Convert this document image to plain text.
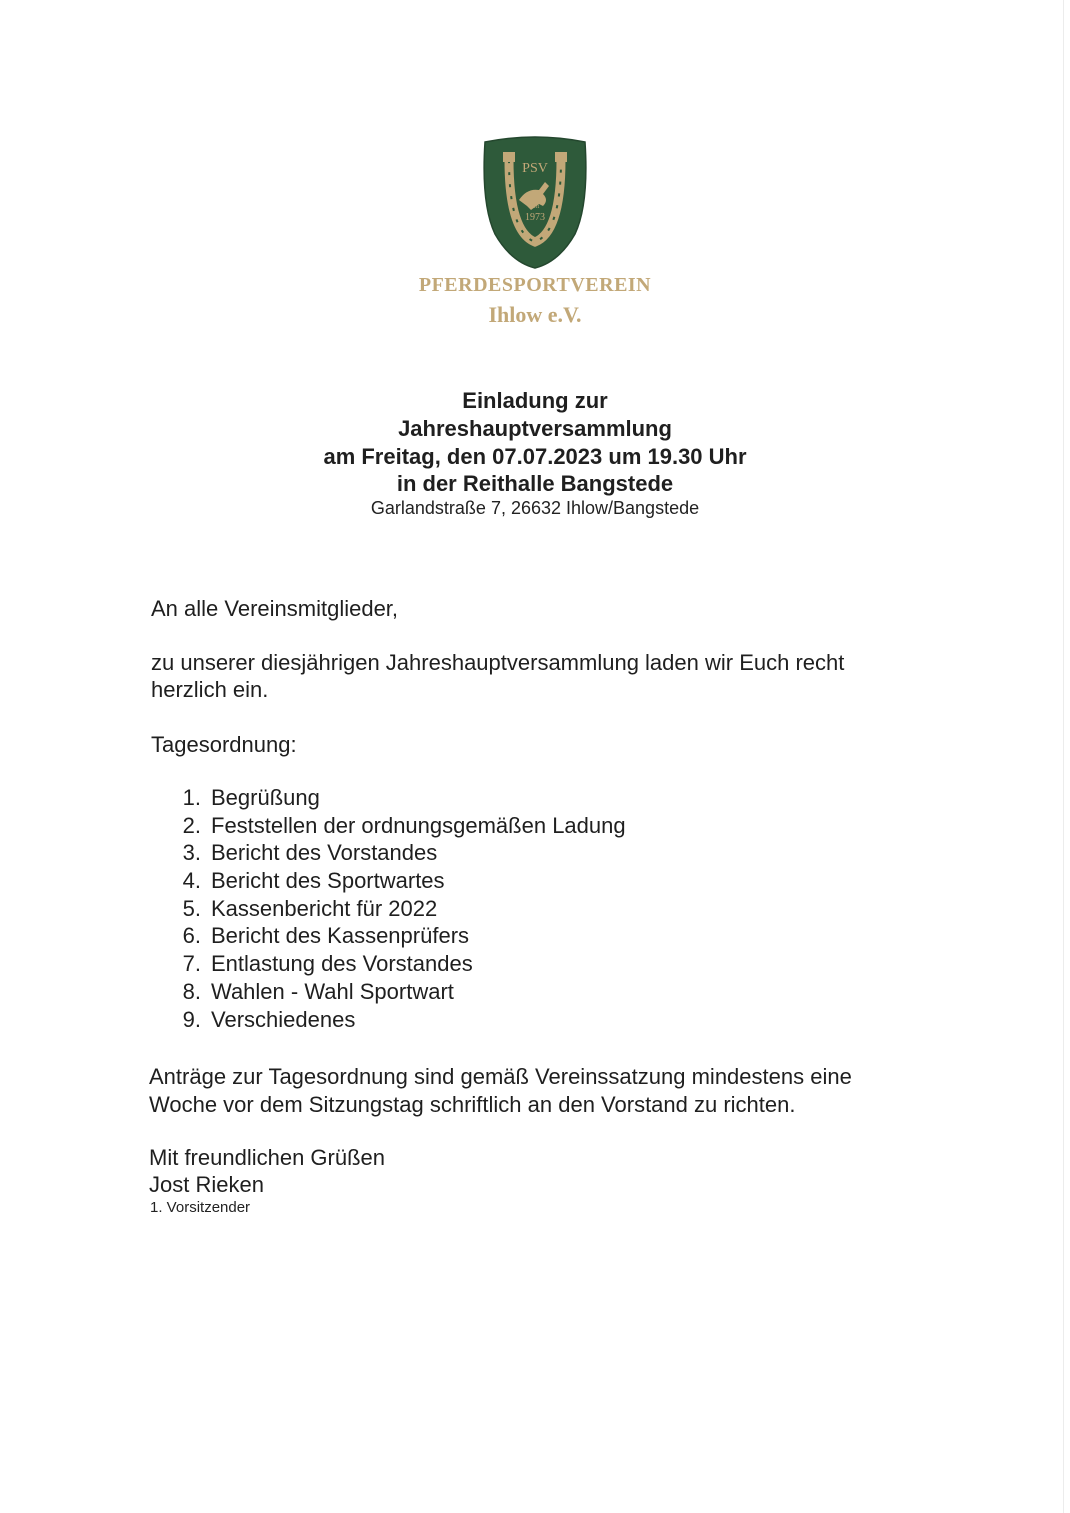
PSV
seit
1973
PFERDESPORTVEREIN
Ihlow e.V.
Einladung zur
Jahreshauptversammlung
am Freitag, den 07.07.2023 um 19.30 Uhr
in der Reithalle Bangstede
Garlandstraße 7, 26632 Ihlow/Bangstede
An alle Vereinsmitglieder,
zu unserer diesjährigen Jahreshauptversammlung laden wir Euch recht
herzlich ein.
Tagesordnung:
1. Begrüßung
2. Feststellen der ordnungsgemäßen Ladung
3. Bericht des Vorstandes
4. Bericht des Sportwartes
5. Kassenbericht für 2022
6. Bericht des Kassenprüfers
7. Entlastung des Vorstandes
8. Wahlen - Wahl Sportwart
9. Verschiedenes
Anträge zur Tagesordnung sind gemäß Vereinssatzung mindestens eine
Woche vor dem Sitzungstag schriftlich an den Vorstand zu richten.
Mit freundlichen Grüßen
Jost Rieken
1. Vorsitzender
